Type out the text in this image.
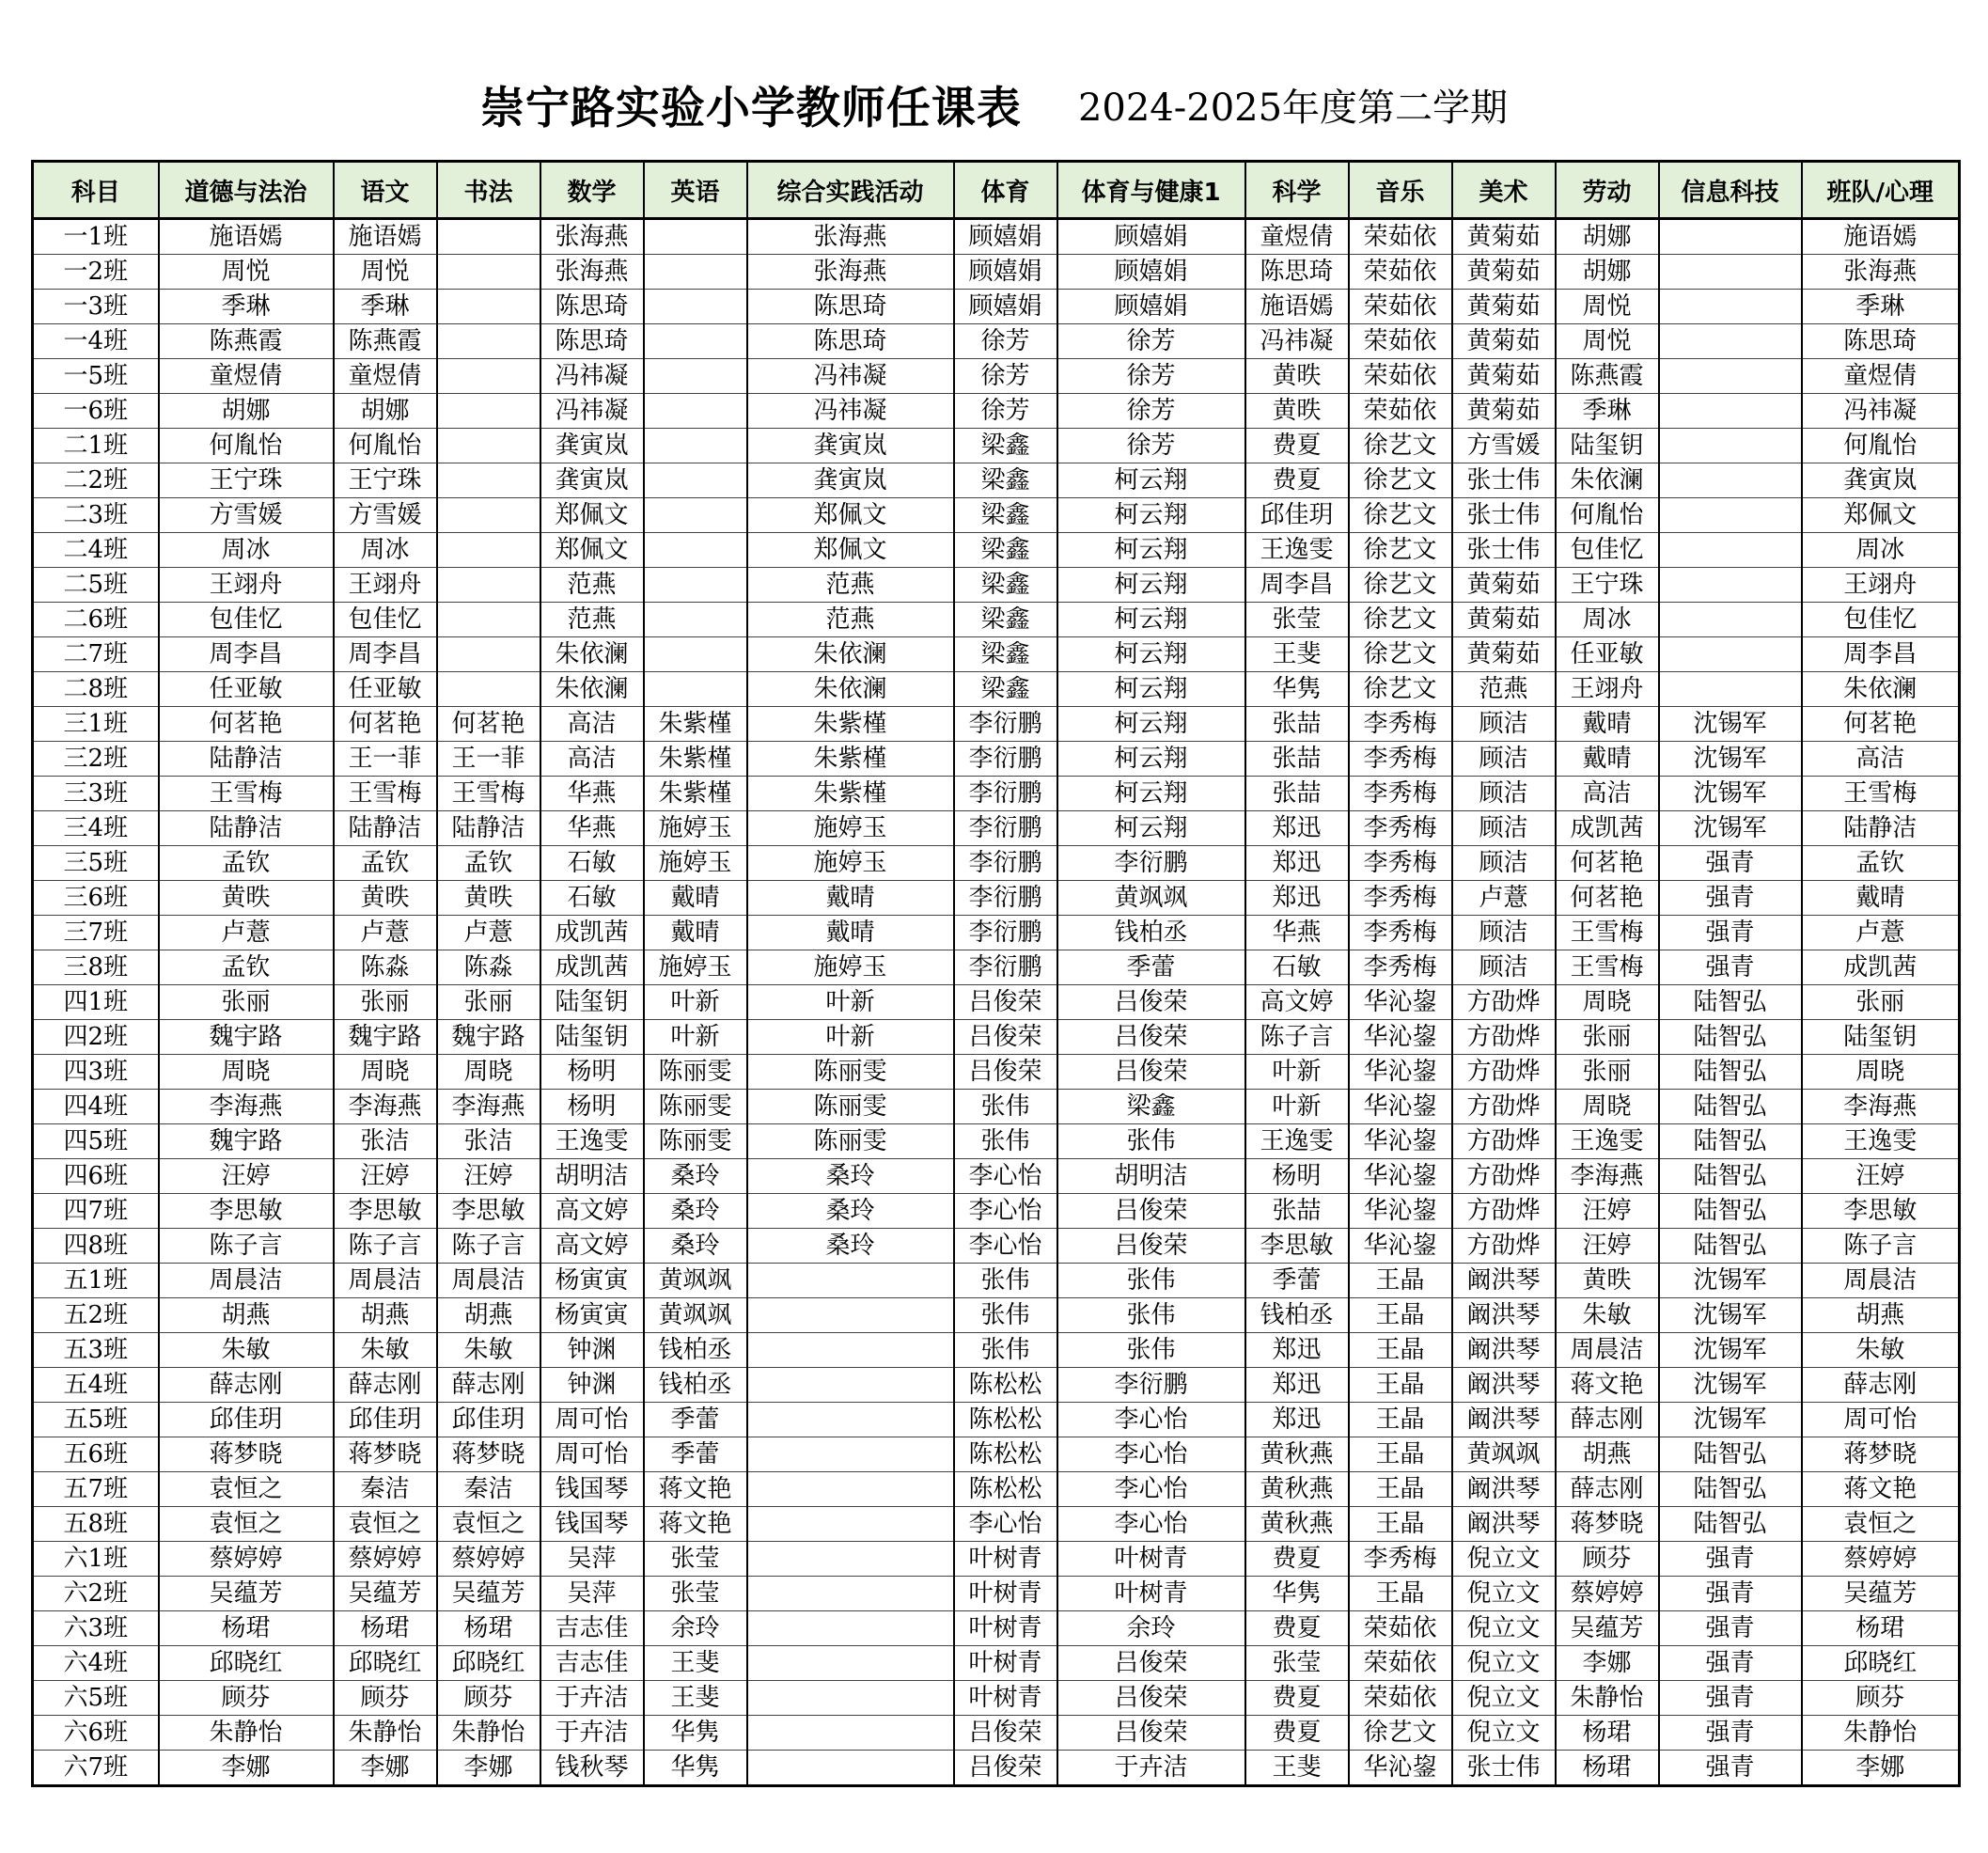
崇宁路实验小学教师任课表 2024-2025年度第二学期
科目	道德与法治	语文	书法	数学	英语	综合实践活动	体育	体育与健康1	科学	音乐	美术	劳动	信息科技	班队/心理
一1班	施语嫣	施语嫣		张海燕		张海燕	顾嬉娟	顾嬉娟	童煜倩	荣茹依	黄菊茹	胡娜		施语嫣
一2班	周悦	周悦		张海燕		张海燕	顾嬉娟	顾嬉娟	陈思琦	荣茹依	黄菊茹	胡娜		张海燕
一3班	季琳	季琳		陈思琦		陈思琦	顾嬉娟	顾嬉娟	施语嫣	荣茹依	黄菊茹	周悦		季琳
一4班	陈燕霞	陈燕霞		陈思琦		陈思琦	徐芳	徐芳	冯祎凝	荣茹依	黄菊茹	周悦		陈思琦
一5班	童煜倩	童煜倩		冯祎凝		冯祎凝	徐芳	徐芳	黄昳	荣茹依	黄菊茹	陈燕霞		童煜倩
一6班	胡娜	胡娜		冯祎凝		冯祎凝	徐芳	徐芳	黄昳	荣茹依	黄菊茹	季琳		冯祎凝
二1班	何胤怡	何胤怡		龚寅岚		龚寅岚	梁鑫	徐芳	费夏	徐艺文	方雪媛	陆玺钥		何胤怡
二2班	王宁珠	王宁珠		龚寅岚		龚寅岚	梁鑫	柯云翔	费夏	徐艺文	张士伟	朱依澜		龚寅岚
二3班	方雪媛	方雪媛		郑佩文		郑佩文	梁鑫	柯云翔	邱佳玥	徐艺文	张士伟	何胤怡		郑佩文
二4班	周冰	周冰		郑佩文		郑佩文	梁鑫	柯云翔	王逸雯	徐艺文	张士伟	包佳忆		周冰
二5班	王翊舟	王翊舟		范燕		范燕	梁鑫	柯云翔	周李昌	徐艺文	黄菊茹	王宁珠		王翊舟
二6班	包佳忆	包佳忆		范燕		范燕	梁鑫	柯云翔	张莹	徐艺文	黄菊茹	周冰		包佳忆
二7班	周李昌	周李昌		朱依澜		朱依澜	梁鑫	柯云翔	王斐	徐艺文	黄菊茹	任亚敏		周李昌
二8班	任亚敏	任亚敏		朱依澜		朱依澜	梁鑫	柯云翔	华隽	徐艺文	范燕	王翊舟		朱依澜
三1班	何茗艳	何茗艳	何茗艳	高洁	朱紫槿	朱紫槿	李衍鹏	柯云翔	张喆	李秀梅	顾洁	戴晴	沈锡军	何茗艳
三2班	陆静洁	王一菲	王一菲	高洁	朱紫槿	朱紫槿	李衍鹏	柯云翔	张喆	李秀梅	顾洁	戴晴	沈锡军	高洁
三3班	王雪梅	王雪梅	王雪梅	华燕	朱紫槿	朱紫槿	李衍鹏	柯云翔	张喆	李秀梅	顾洁	高洁	沈锡军	王雪梅
三4班	陆静洁	陆静洁	陆静洁	华燕	施婷玉	施婷玉	李衍鹏	柯云翔	郑迅	李秀梅	顾洁	成凯茜	沈锡军	陆静洁
三5班	孟钦	孟钦	孟钦	石敏	施婷玉	施婷玉	李衍鹏	李衍鹏	郑迅	李秀梅	顾洁	何茗艳	强青	孟钦
三6班	黄昳	黄昳	黄昳	石敏	戴晴	戴晴	李衍鹏	黄飒飒	郑迅	李秀梅	卢薏	何茗艳	强青	戴晴
三7班	卢薏	卢薏	卢薏	成凯茜	戴晴	戴晴	李衍鹏	钱柏丞	华燕	李秀梅	顾洁	王雪梅	强青	卢薏
三8班	孟钦	陈淼	陈淼	成凯茜	施婷玉	施婷玉	李衍鹏	季蕾	石敏	李秀梅	顾洁	王雪梅	强青	成凯茜
四1班	张丽	张丽	张丽	陆玺钥	叶新	叶新	吕俊荣	吕俊荣	高文婷	华沁鋆	方劭烨	周晓	陆智弘	张丽
四2班	魏宇路	魏宇路	魏宇路	陆玺钥	叶新	叶新	吕俊荣	吕俊荣	陈子言	华沁鋆	方劭烨	张丽	陆智弘	陆玺钥
四3班	周晓	周晓	周晓	杨明	陈丽雯	陈丽雯	吕俊荣	吕俊荣	叶新	华沁鋆	方劭烨	张丽	陆智弘	周晓
四4班	李海燕	李海燕	李海燕	杨明	陈丽雯	陈丽雯	张伟	梁鑫	叶新	华沁鋆	方劭烨	周晓	陆智弘	李海燕
四5班	魏宇路	张洁	张洁	王逸雯	陈丽雯	陈丽雯	张伟	张伟	王逸雯	华沁鋆	方劭烨	王逸雯	陆智弘	王逸雯
四6班	汪婷	汪婷	汪婷	胡明洁	桑玲	桑玲	李心怡	胡明洁	杨明	华沁鋆	方劭烨	李海燕	陆智弘	汪婷
四7班	李思敏	李思敏	李思敏	高文婷	桑玲	桑玲	李心怡	吕俊荣	张喆	华沁鋆	方劭烨	汪婷	陆智弘	李思敏
四8班	陈子言	陈子言	陈子言	高文婷	桑玲	桑玲	李心怡	吕俊荣	李思敏	华沁鋆	方劭烨	汪婷	陆智弘	陈子言
五1班	周晨洁	周晨洁	周晨洁	杨寅寅	黄飒飒		张伟	张伟	季蕾	王晶	阚洪琴	黄昳	沈锡军	周晨洁
五2班	胡燕	胡燕	胡燕	杨寅寅	黄飒飒		张伟	张伟	钱柏丞	王晶	阚洪琴	朱敏	沈锡军	胡燕
五3班	朱敏	朱敏	朱敏	钟渊	钱柏丞		张伟	张伟	郑迅	王晶	阚洪琴	周晨洁	沈锡军	朱敏
五4班	薛志刚	薛志刚	薛志刚	钟渊	钱柏丞		陈松松	李衍鹏	郑迅	王晶	阚洪琴	蒋文艳	沈锡军	薛志刚
五5班	邱佳玥	邱佳玥	邱佳玥	周可怡	季蕾		陈松松	李心怡	郑迅	王晶	阚洪琴	薛志刚	沈锡军	周可怡
五6班	蒋梦晓	蒋梦晓	蒋梦晓	周可怡	季蕾		陈松松	李心怡	黄秋燕	王晶	黄飒飒	胡燕	陆智弘	蒋梦晓
五7班	袁恒之	秦洁	秦洁	钱国琴	蒋文艳		陈松松	李心怡	黄秋燕	王晶	阚洪琴	薛志刚	陆智弘	蒋文艳
五8班	袁恒之	袁恒之	袁恒之	钱国琴	蒋文艳		李心怡	李心怡	黄秋燕	王晶	阚洪琴	蒋梦晓	陆智弘	袁恒之
六1班	蔡婷婷	蔡婷婷	蔡婷婷	吴萍	张莹		叶树青	叶树青	费夏	李秀梅	倪立文	顾芬	强青	蔡婷婷
六2班	吴蕴芳	吴蕴芳	吴蕴芳	吴萍	张莹		叶树青	叶树青	华隽	王晶	倪立文	蔡婷婷	强青	吴蕴芳
六3班	杨珺	杨珺	杨珺	吉志佳	余玲		叶树青	余玲	费夏	荣茹依	倪立文	吴蕴芳	强青	杨珺
六4班	邱晓红	邱晓红	邱晓红	吉志佳	王斐		叶树青	吕俊荣	张莹	荣茹依	倪立文	李娜	强青	邱晓红
六5班	顾芬	顾芬	顾芬	于卉洁	王斐		叶树青	吕俊荣	费夏	荣茹依	倪立文	朱静怡	强青	顾芬
六6班	朱静怡	朱静怡	朱静怡	于卉洁	华隽		吕俊荣	吕俊荣	费夏	徐艺文	倪立文	杨珺	强青	朱静怡
六7班	李娜	李娜	李娜	钱秋琴	华隽		吕俊荣	于卉洁	王斐	华沁鋆	张士伟	杨珺	强青	李娜
